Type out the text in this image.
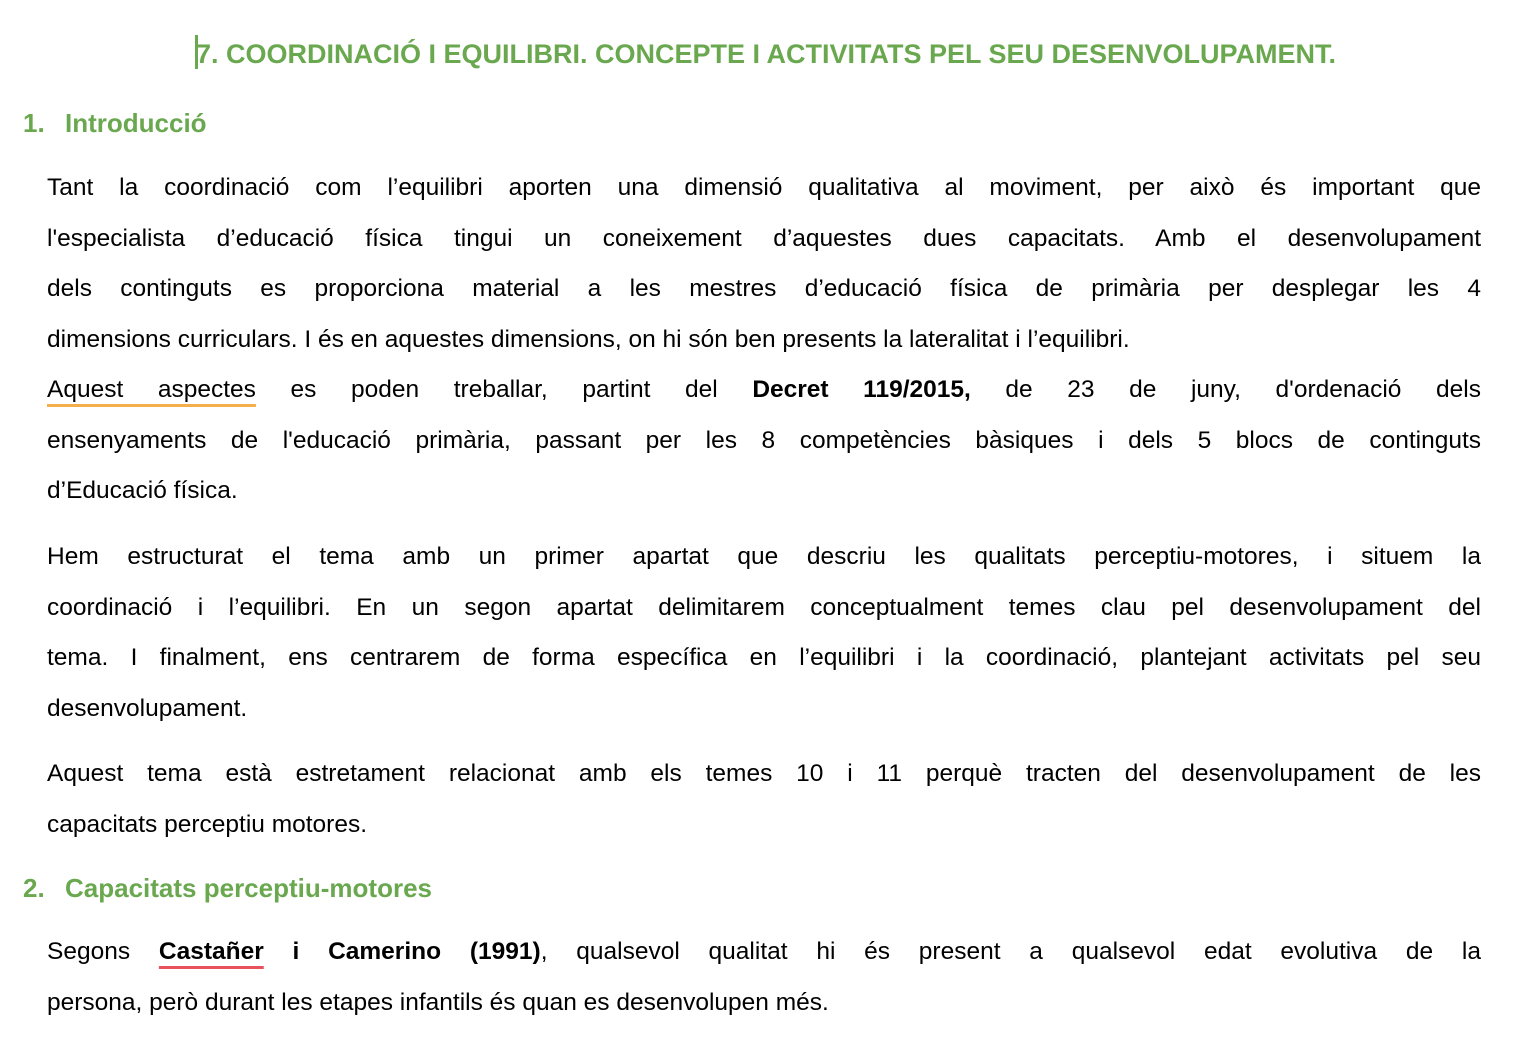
7. COORDINACIÓ I EQUILIBRI. CONCEPTE I ACTIVITATS PEL SEU DESENVOLUPAMENT.
1. Introducció
Tant la coordinació com l’equilibri aporten una dimensió qualitativa al moviment, per això és important que
l'especialista d’educació física tingui un coneixement d’aquestes dues capacitats. Amb el desenvolupament
dels continguts es proporciona material a les mestres d’educació física de primària per desplegar les 4
dimensions curriculars. I és en aquestes dimensions, on hi són ben presents la lateralitat i l’equilibri.
Aquest aspectes es poden treballar, partint del Decret 119/2015, de 23 de juny, d'ordenació dels
ensenyaments de l'educació primària, passant per les 8 competències bàsiques i dels 5 blocs de continguts
d’Educació física.
Hem estructurat el tema amb un primer apartat que descriu les qualitats perceptiu-motores, i situem la
coordinació i l’equilibri. En un segon apartat delimitarem conceptualment temes clau pel desenvolupament del
tema. I finalment, ens centrarem de forma específica en l’equilibri i la coordinació, plantejant activitats pel seu
desenvolupament.
Aquest tema està estretament relacionat amb els temes 10 i 11 perquè tracten del desenvolupament de les
capacitats perceptiu motores.
2. Capacitats perceptiu-motores
Segons Castañer i Camerino (1991), qualsevol qualitat hi és present a qualsevol edat evolutiva de la
persona, però durant les etapes infantils és quan es desenvolupen més.
